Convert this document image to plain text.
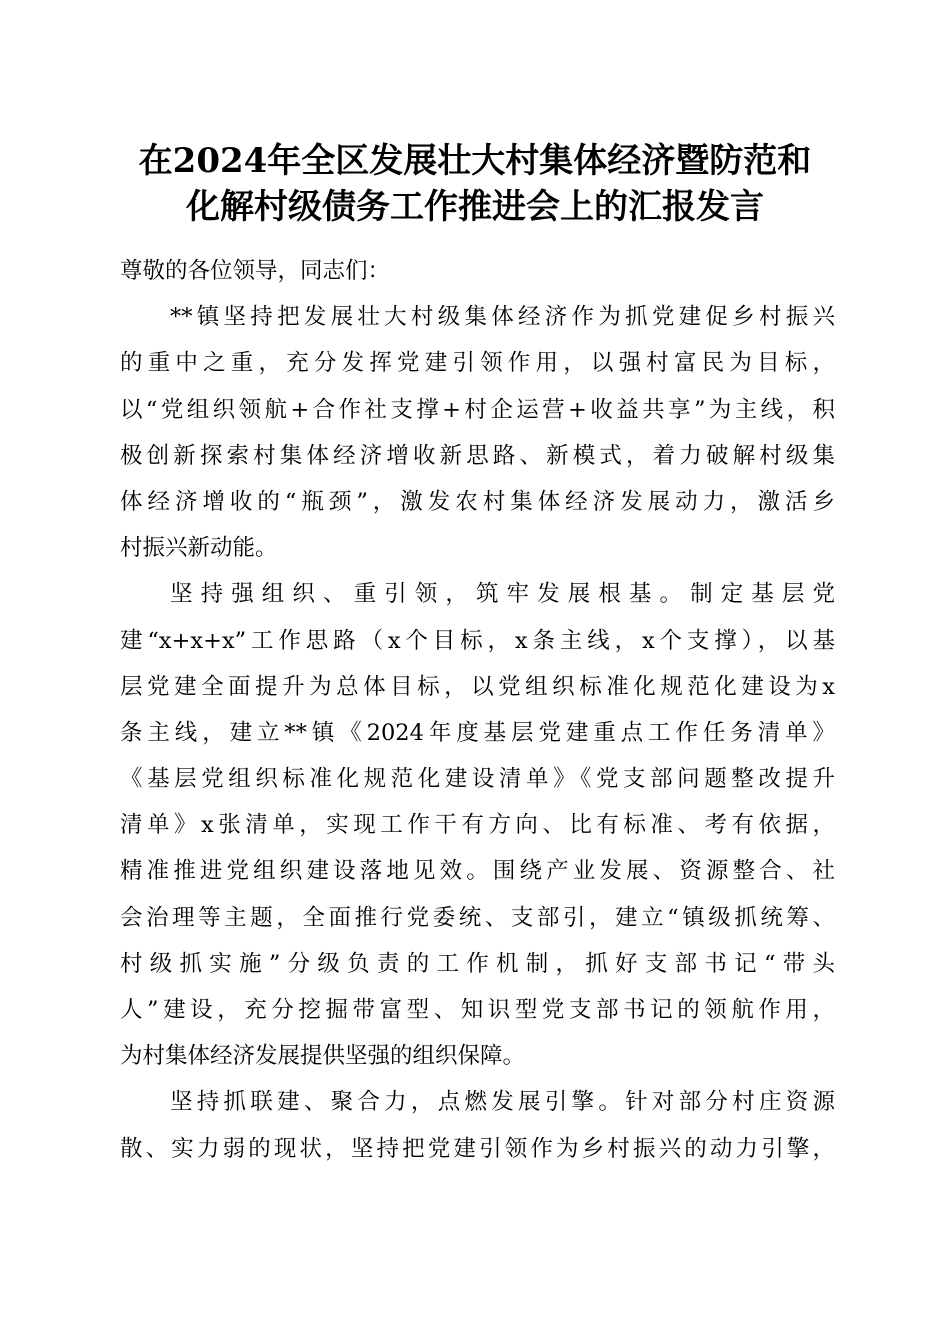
在2024年全区发展壮大村集体经济暨防范和
化解村级债务工作推进会上的汇报发言
尊敬的各位领导，同志们：
**镇坚持把发展壮大村级集体经济作为抓党建促乡村振兴
的重中之重，充分发挥党建引领作用，以强村富民为目标，
以“党组织领航+合作社支撑+村企运营+收益共享”为主线，积
极创新探索村集体经济增收新思路、新模式，着力破解村级集
体经济增收的“瓶颈”，激发农村集体经济发展动力，激活乡
村振兴新动能。
坚持强组织、重引领，筑牢发展根基。制定基层党
建“x+x+x”工作思路（x个目标，x条主线，x个支撑），以基
层党建全面提升为总体目标，以党组织标准化规范化建设为x
条主线，建立**镇《2024年度基层党建重点工作任务清单》
《基层党组织标准化规范化建设清单》《党支部问题整改提升
清单》x张清单，实现工作干有方向、比有标准、考有依据，
精准推进党组织建设落地见效。围绕产业发展、资源整合、社
会治理等主题，全面推行党委统、支部引，建立“镇级抓统筹、
村级抓实施”分级负责的工作机制，抓好支部书记“带头
人”建设，充分挖掘带富型、知识型党支部书记的领航作用，
为村集体经济发展提供坚强的组织保障。
坚持抓联建、聚合力，点燃发展引擎。针对部分村庄资源
散、实力弱的现状，坚持把党建引领作为乡村振兴的动力引擎，
